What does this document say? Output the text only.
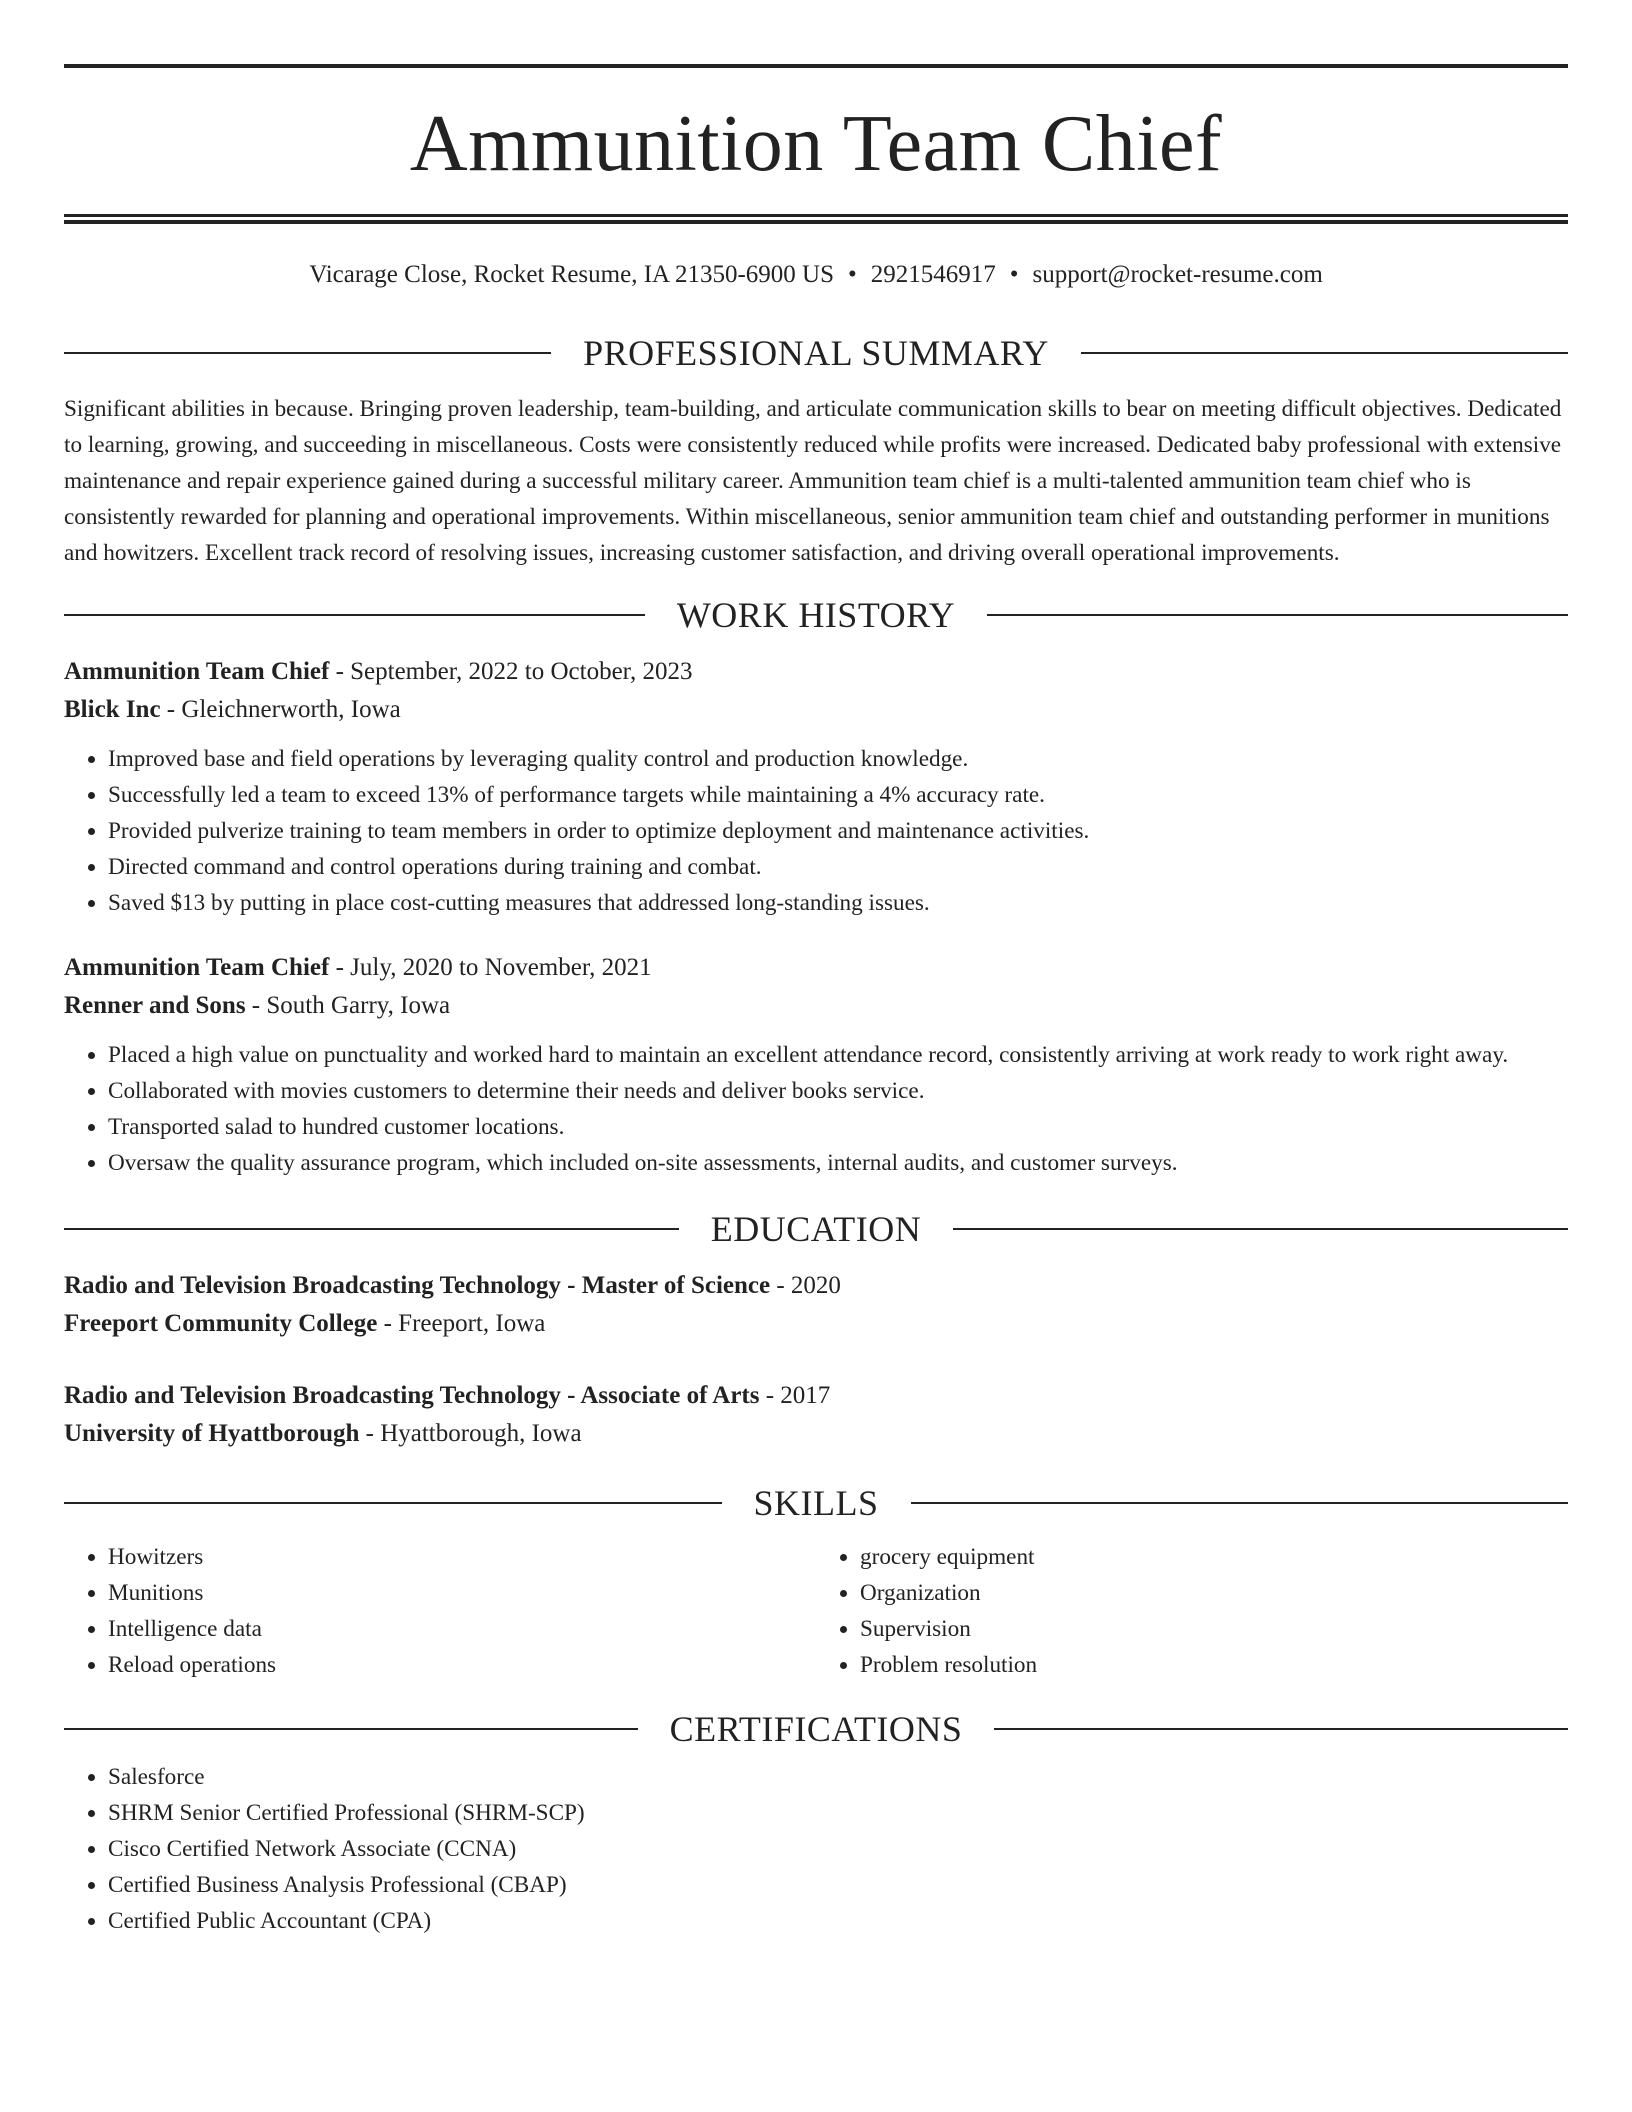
Ammunition Team Chief
Vicarage Close, Rocket Resume, IA 21350-6900 US • 2921546917 • support@rocket-resume.com
PROFESSIONAL SUMMARY
Significant abilities in because. Bringing proven leadership, team-building, and articulate communication skills to bear on meeting difficult objectives. Dedicated to learning, growing, and succeeding in miscellaneous. Costs were consistently reduced while profits were increased. Dedicated baby professional with extensive maintenance and repair experience gained during a successful military career. Ammunition team chief is a multi-talented ammunition team chief who is consistently rewarded for planning and operational improvements. Within miscellaneous, senior ammunition team chief and outstanding performer in munitions and howitzers. Excellent track record of resolving issues, increasing customer satisfaction, and driving overall operational improvements.
WORK HISTORY
Ammunition Team Chief - September, 2022 to October, 2023
Blick Inc - Gleichnerworth, Iowa
• Improved base and field operations by leveraging quality control and production knowledge.
• Successfully led a team to exceed 13% of performance targets while maintaining a 4% accuracy rate.
• Provided pulverize training to team members in order to optimize deployment and maintenance activities.
• Directed command and control operations during training and combat.
• Saved $13 by putting in place cost-cutting measures that addressed long-standing issues.
Ammunition Team Chief - July, 2020 to November, 2021
Renner and Sons - South Garry, Iowa
• Placed a high value on punctuality and worked hard to maintain an excellent attendance record, consistently arriving at work ready to work right away.
• Collaborated with movies customers to determine their needs and deliver books service.
• Transported salad to hundred customer locations.
• Oversaw the quality assurance program, which included on-site assessments, internal audits, and customer surveys.
EDUCATION
Radio and Television Broadcasting Technology - Master of Science - 2020
Freeport Community College - Freeport, Iowa
Radio and Television Broadcasting Technology - Associate of Arts - 2017
University of Hyattborough - Hyattborough, Iowa
SKILLS
• Howitzers
• Munitions
• Intelligence data
• Reload operations
• grocery equipment
• Organization
• Supervision
• Problem resolution
CERTIFICATIONS
• Salesforce
• SHRM Senior Certified Professional (SHRM-SCP)
• Cisco Certified Network Associate (CCNA)
• Certified Business Analysis Professional (CBAP)
• Certified Public Accountant (CPA)
